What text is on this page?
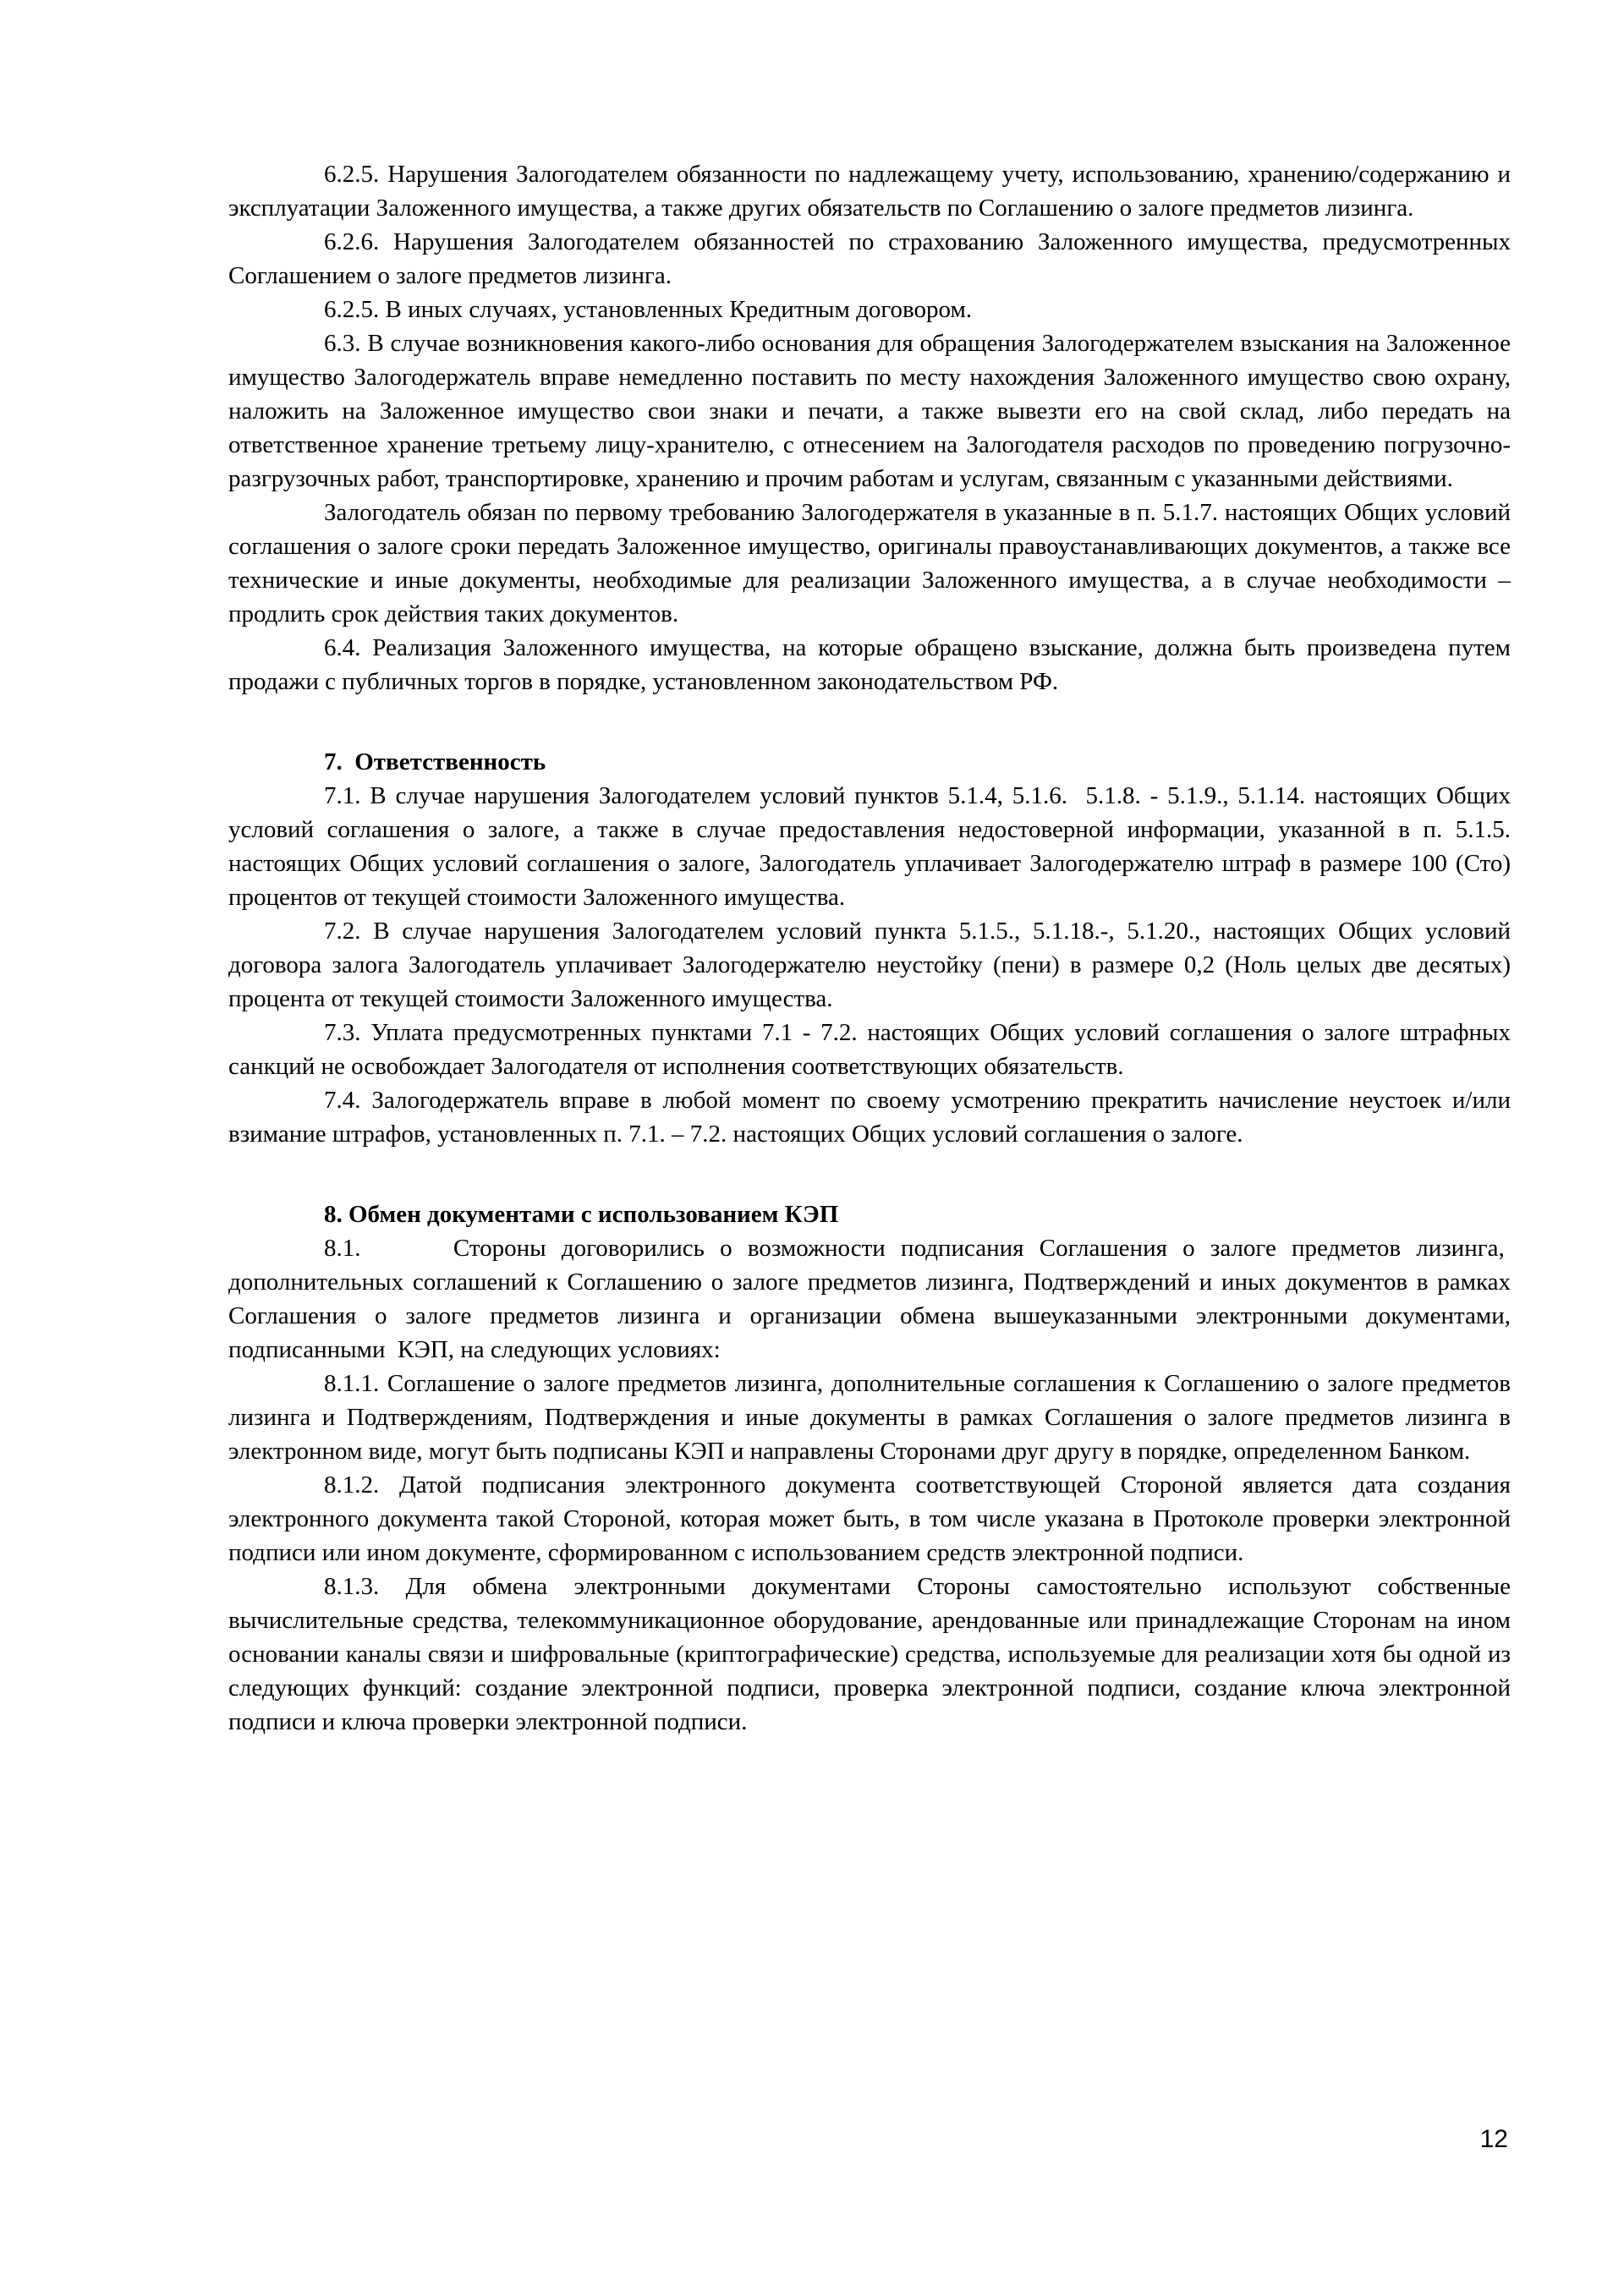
6.2.5. Нарушения Залогодателем обязанности по надлежащему учету, использованию, хранению/содержанию и эксплуатации Заложенного имущества, а также других обязательств по Соглашению о залоге предметов лизинга.

6.2.6. Нарушения Залогодателем обязанностей по страхованию Заложенного имущества, предусмотренных Соглашением о залоге предметов лизинга.

6.2.5. В иных случаях, установленных Кредитным договором.

6.3. В случае возникновения какого-либо основания для обращения Залогодержателем взыскания на Заложенное имущество Залогодержатель вправе немедленно поставить по месту нахождения Заложенного имущество свою охрану, наложить на Заложенное имущество свои знаки и печати, а также вывезти его на свой склад, либо передать на ответственное хранение третьему лицу-хранителю, с отнесением на Залогодателя расходов по проведению погрузочно-разгрузочных работ, транспортировке, хранению и прочим работам и услугам, связанным с указанными действиями.

Залогодатель обязан по первому требованию Залогодержателя в указанные в п. 5.1.7. настоящих Общих условий соглашения о залоге сроки передать Заложенное имущество, оригиналы правоустанавливающих документов, а также все технические и иные документы, необходимые для реализации Заложенного имущества, а в случае необходимости – продлить срок действия таких документов.

6.4. Реализация Заложенного имущества, на которые обращено взыскание, должна быть произведена путем продажи с публичных торгов в порядке, установленном законодательством РФ.

7.  Ответственность

7.1. В случае нарушения Залогодателем условий пунктов 5.1.4, 5.1.6.  5.1.8. - 5.1.9., 5.1.14. настоящих Общих условий соглашения о залоге, а также в случае предоставления недостоверной информации, указанной в п. 5.1.5. настоящих Общих условий соглашения о залоге, Залогодатель уплачивает Залогодержателю штраф в размере 100 (Сто) процентов от текущей стоимости Заложенного имущества.

7.2. В случае нарушения Залогодателем условий пункта 5.1.5., 5.1.18.-, 5.1.20., настоящих Общих условий договора залога Залогодатель уплачивает Залогодержателю неустойку (пени) в размере 0,2 (Ноль целых две десятых) процента от текущей стоимости Заложенного имущества.

7.3. Уплата предусмотренных пунктами 7.1 - 7.2. настоящих Общих условий соглашения о залоге штрафных санкций не освобождает Залогодателя от исполнения соответствующих обязательств.

7.4. Залогодержатель вправе в любой момент по своему усмотрению прекратить начисление неустоек и/или взимание штрафов, установленных п. 7.1. – 7.2. настоящих Общих условий соглашения о залоге.

8. Обмен документами с использованием КЭП

8.1.      Стороны договорились о возможности подписания Соглашения о залоге предметов лизинга,  дополнительных соглашений к Соглашению о залоге предметов лизинга, Подтверждений и иных документов в рамках Соглашения о залоге предметов лизинга и организации обмена вышеуказанными электронными документами, подписанными  КЭП, на следующих условиях:

8.1.1. Соглашение о залоге предметов лизинга, дополнительные соглашения к Соглашению о залоге предметов лизинга и Подтверждениям, Подтверждения и иные документы в рамках Соглашения о залоге предметов лизинга в электронном виде, могут быть подписаны КЭП и направлены Сторонами друг другу в порядке, определенном Банком.

8.1.2. Датой подписания электронного документа соответствующей Стороной является дата создания электронного документа такой Стороной, которая может быть, в том числе указана в Протоколе проверки электронной подписи или ином документе, сформированном с использованием средств электронной подписи.

8.1.3. Для обмена электронными документами Стороны самостоятельно используют собственные вычислительные средства, телекоммуникационное оборудование, арендованные или принадлежащие Сторонам на ином основании каналы связи и шифровальные (криптографические) средства, используемые для реализации хотя бы одной из следующих функций: создание электронной подписи, проверка электронной подписи, создание ключа электронной подписи и ключа проверки электронной подписи.

12
